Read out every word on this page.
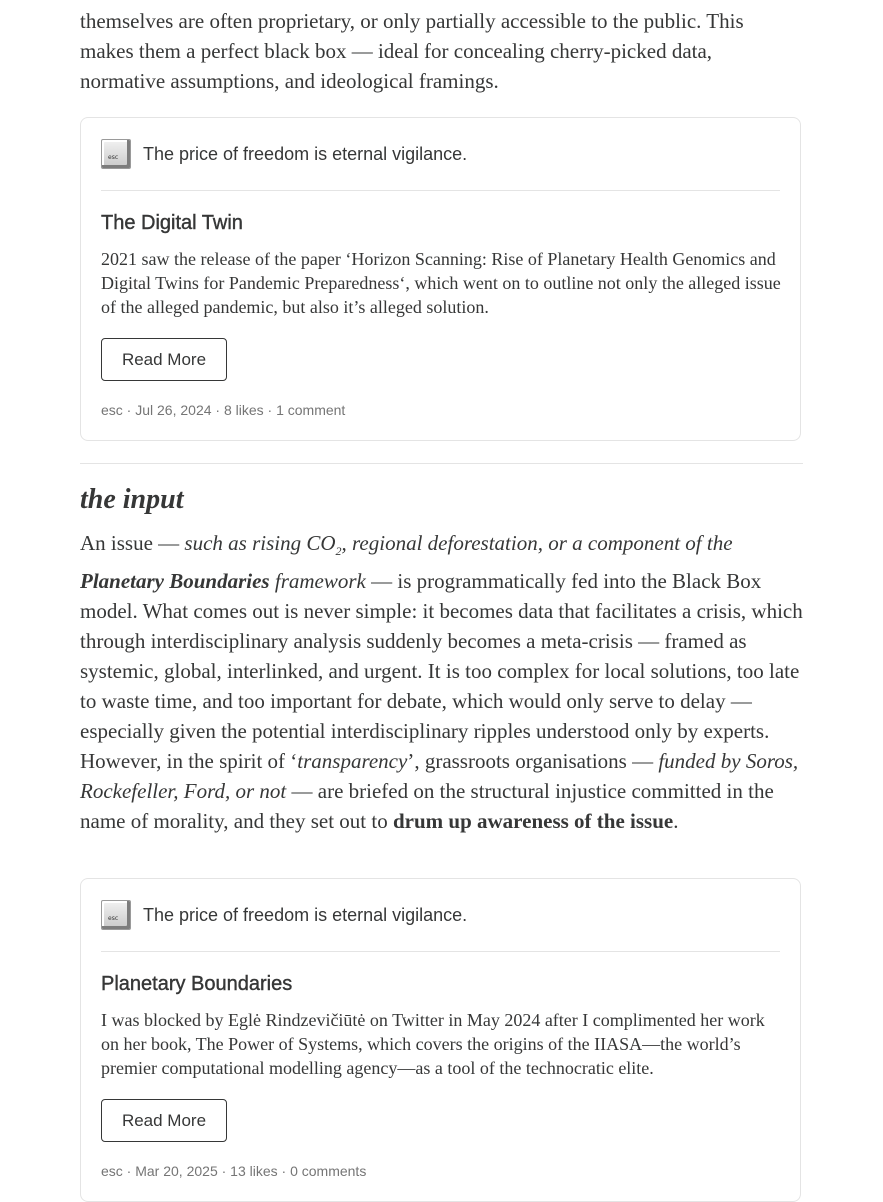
themselves are often proprietary, or only partially accessible to the public. This
makes them a perfect black box — ideal for concealing cherry-picked data,
normative assumptions, and ideological framings.

esc The price of freedom is eternal vigilance.
The Digital Twin

2021 saw the release of the paper ‘Horizon Scanning: Rise of Planetary Health Genomics and Digital Twins for Pandemic Preparedness‘, which went on to outline not only the alleged issue of the alleged pandemic, but also it’s alleged solution.

Read More
esc · Jul 26, 2024 · 8 likes · 1 comment
the input

An issue — such as rising $CO_2$, regional deforestation, or a component of the Planetary Boundaries framework — is programmatically fed into the Black Box model. What comes out is never simple: it becomes data that facilitates a crisis, which through interdisciplinary analysis suddenly becomes a meta-crisis — framed as systemic, global, interlinked, and urgent. It is too complex for local solutions, too late to waste time, and too important for debate, which would only serve to delay — especially given the potential interdisciplinary ripples understood only by experts. However, in the spirit of ‘transparency’, grassroots organisations — funded by Soros, Rockefeller, Ford, or not — are briefed on the structural injustice committed in the name of morality, and they set out to drum up awareness of the issue.

esc The price of freedom is eternal vigilance.
Planetary Boundaries

I was blocked by Eglė Rindzevičiūtė on Twitter in May 2024 after I complimented her work on her book, The Power of Systems, which covers the origins of the IIASA—the world’s premier computational modelling agency—as a tool of the technocratic elite.

Read More
esc · Mar 20, 2025 · 13 likes · 0 comments
